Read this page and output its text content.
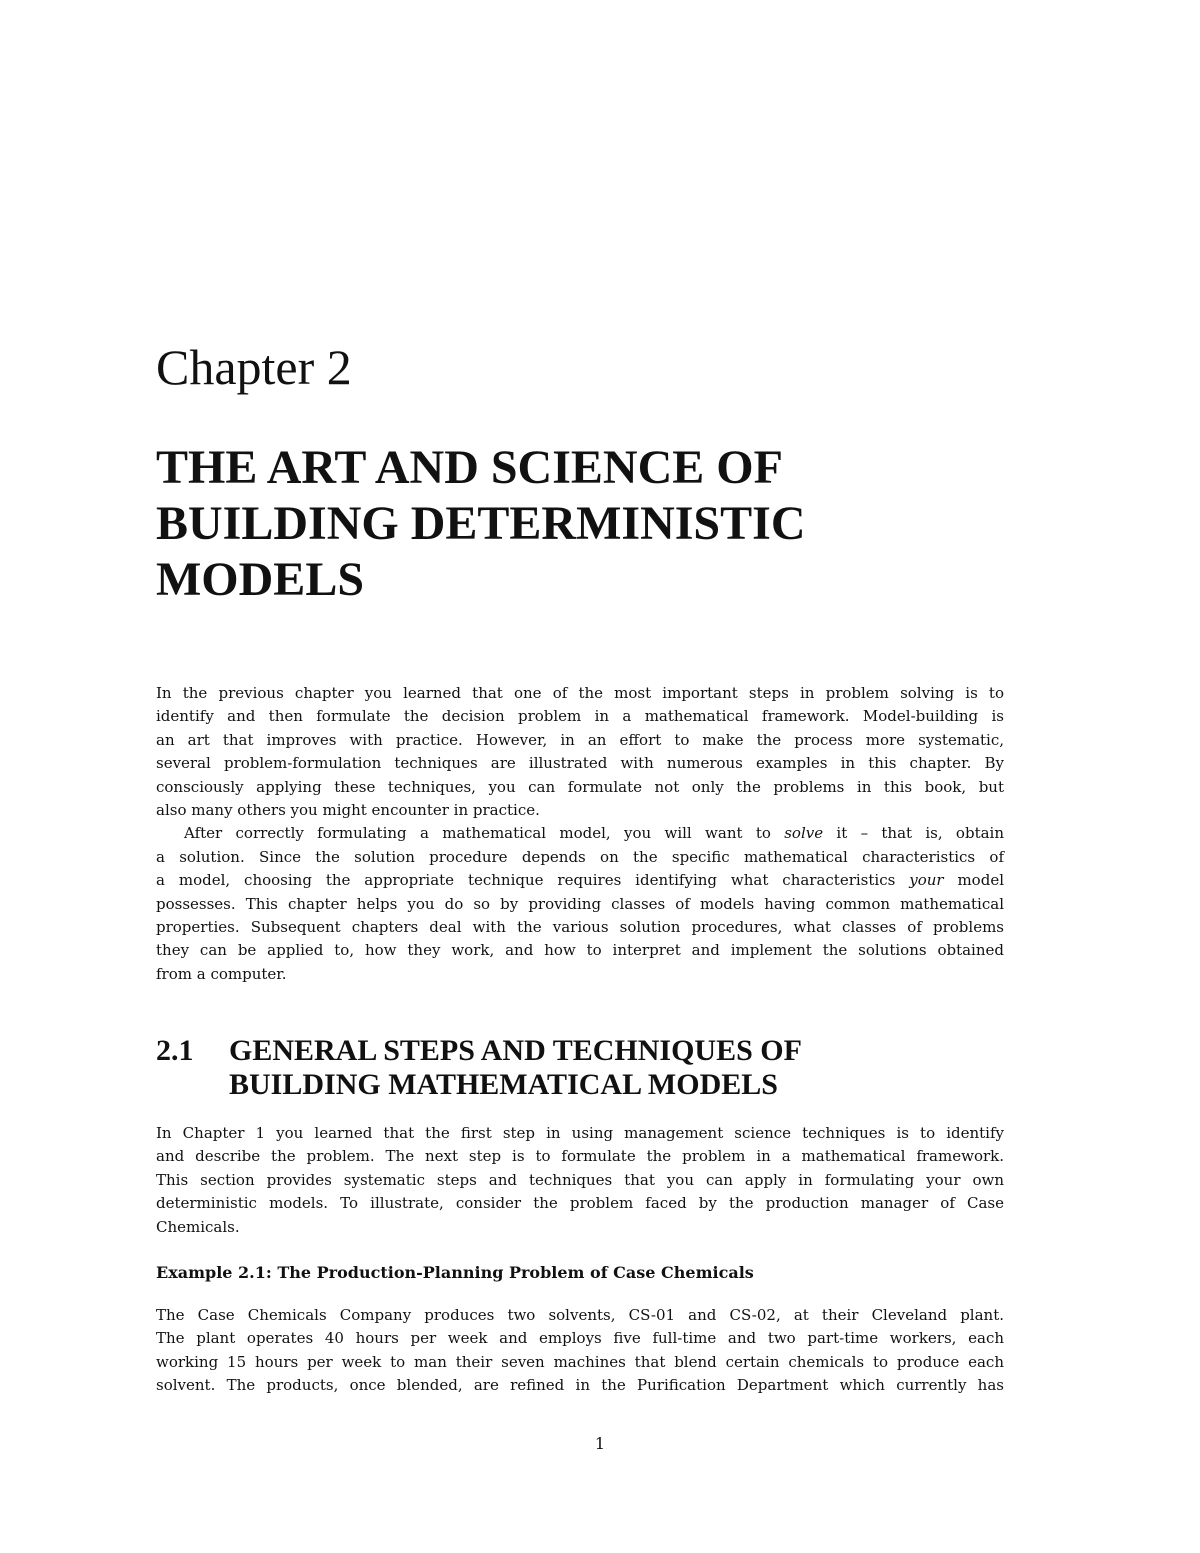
Chapter 2
THE ART AND SCIENCE OF
BUILDING DETERMINISTIC
MODELS
In the previous chapter you learned that one of the most important steps in problem solving is to
identify and then formulate the decision problem in a mathematical framework. Model-building is
an art that improves with practice. However, in an effort to make the process more systematic,
several problem-formulation techniques are illustrated with numerous examples in this chapter. By
consciously applying these techniques, you can formulate not only the problems in this book, but
also many others you might encounter in practice.
After correctly formulating a mathematical model, you will want to solve it – that is, obtain
a solution. Since the solution procedure depends on the specific mathematical characteristics of
a model, choosing the appropriate technique requires identifying what characteristics your model
possesses. This chapter helps you do so by providing classes of models having common mathematical
properties. Subsequent chapters deal with the various solution procedures, what classes of problems
they can be applied to, how they work, and how to interpret and implement the solutions obtained
from a computer.
2.1 GENERAL STEPS AND TECHNIQUES OF
BUILDING MATHEMATICAL MODELS
In Chapter 1 you learned that the first step in using management science techniques is to identify
and describe the problem. The next step is to formulate the problem in a mathematical framework.
This section provides systematic steps and techniques that you can apply in formulating your own
deterministic models. To illustrate, consider the problem faced by the production manager of Case
Chemicals.
Example 2.1: The Production-Planning Problem of Case Chemicals
The Case Chemicals Company produces two solvents, CS-01 and CS-02, at their Cleveland plant.
The plant operates 40 hours per week and employs five full-time and two part-time workers, each
working 15 hours per week to man their seven machines that blend certain chemicals to produce each
solvent. The products, once blended, are refined in the Purification Department which currently has
1
